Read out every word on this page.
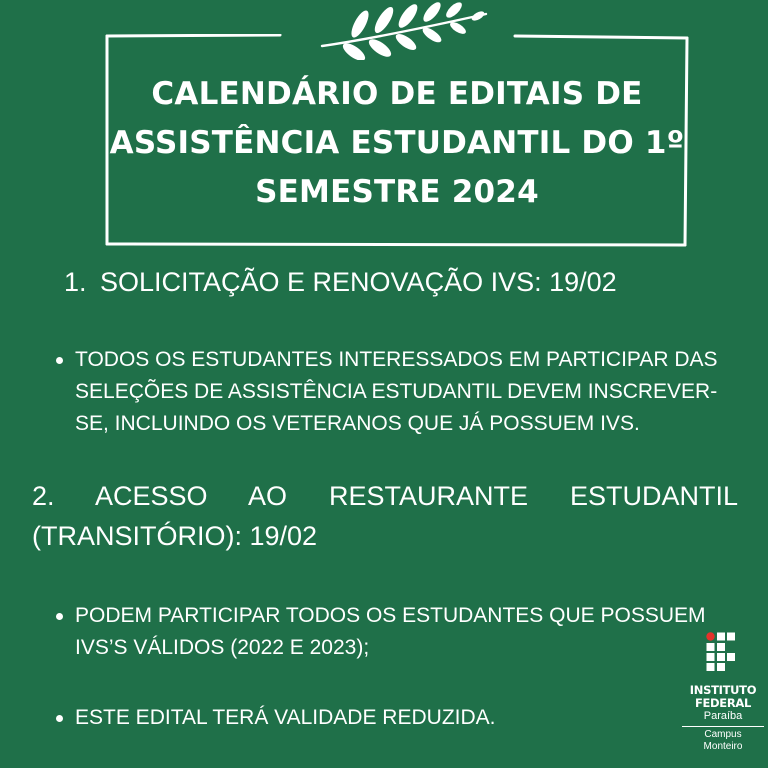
CALENDÁRIO DE EDITAIS DE
ASSISTÊNCIA ESTUDANTIL DO 1º
SEMESTRE 2024
1. SOLICITAÇÃO E RENOVAÇÃO IVS: 19/02
TODOS OS ESTUDANTES INTERESSADOS EM PARTICIPAR DAS SELEÇÕES DE ASSISTÊNCIA ESTUDANTIL DEVEM INSCREVER-SE, INCLUINDO OS VETERANOS QUE JÁ POSSUEM IVS.
2. ACESSO AO RESTAURANTE ESTUDANTIL (TRANSITÓRIO): 19/02
PODEM PARTICIPAR TODOS OS ESTUDANTES QUE POSSUEM IVS’S VÁLIDOS (2022 E 2023);
ESTE EDITAL TERÁ VALIDADE REDUZIDA.
INSTITUTO
FEDERAL
Paraíba
Campus
Monteiro
